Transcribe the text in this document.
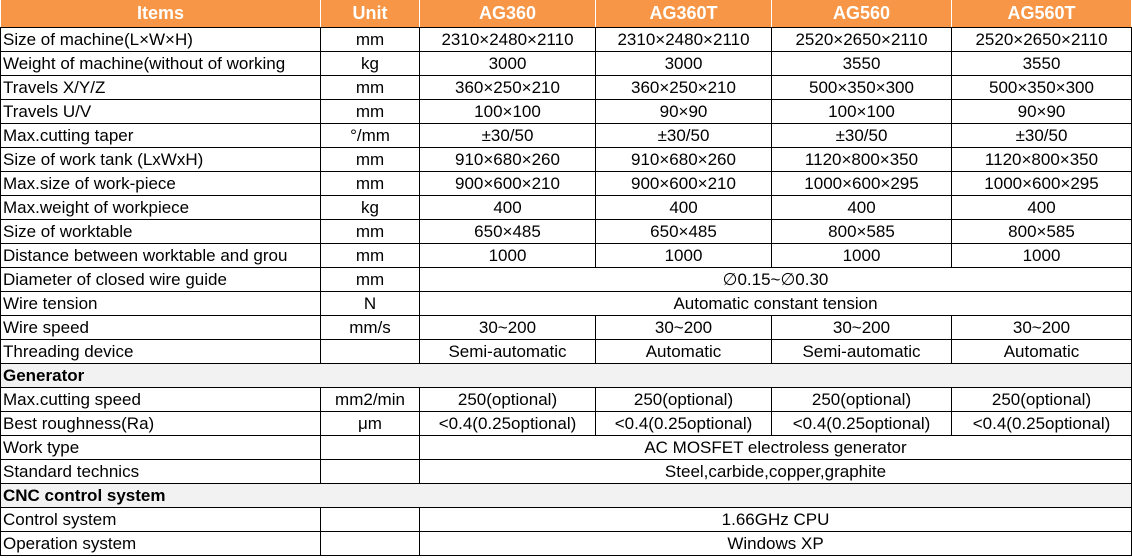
Items	Unit	AG360	AG360T	AG560	AG560T
Size of machine(L×W×H)	mm	2310×2480×2110	2310×2480×2110	2520×2650×2110	2520×2650×2110
Weight of machine(without of working	kg	3000	3000	3550	3550
Travels X/Y/Z	mm	360×250×210	360×250×210	500×350×300	500×350×300
Travels U/V	mm	100×100	90×90	100×100	90×90
Max.cutting taper	°/mm	±30/50	±30/50	±30/50	±30/50
Size of work tank (LxWxH)	mm	910×680×260	910×680×260	1120×800×350	1120×800×350
Max.size of work-piece	mm	900×600×210	900×600×210	1000×600×295	1000×600×295
Max.weight of workpiece	kg	400	400	400	400
Size of worktable	mm	650×485	650×485	800×585	800×585
Distance between worktable and grou	mm	1000	1000	1000	1000
Diameter of closed wire guide	mm	∅0.15~∅0.30			
Wire tension	N	Automatic constant tension			
Wire speed	mm/s	30~200	30~200	30~200	30~200
Threading device		Semi-automatic	Automatic	Semi-automatic	Automatic
Generator					
Max.cutting speed	mm2/min	250(optional)	250(optional)	250(optional)	250(optional)
Best roughness(Ra)	μm	<0.4(0.25optional)	<0.4(0.25optional)	<0.4(0.25optional)	<0.4(0.25optional)
Work type		AC MOSFET electroless generator			
Standard technics		Steel,carbide,copper,graphite			
CNC control system					
Control system		1.66GHz CPU			
Operation system		Windows XP			
